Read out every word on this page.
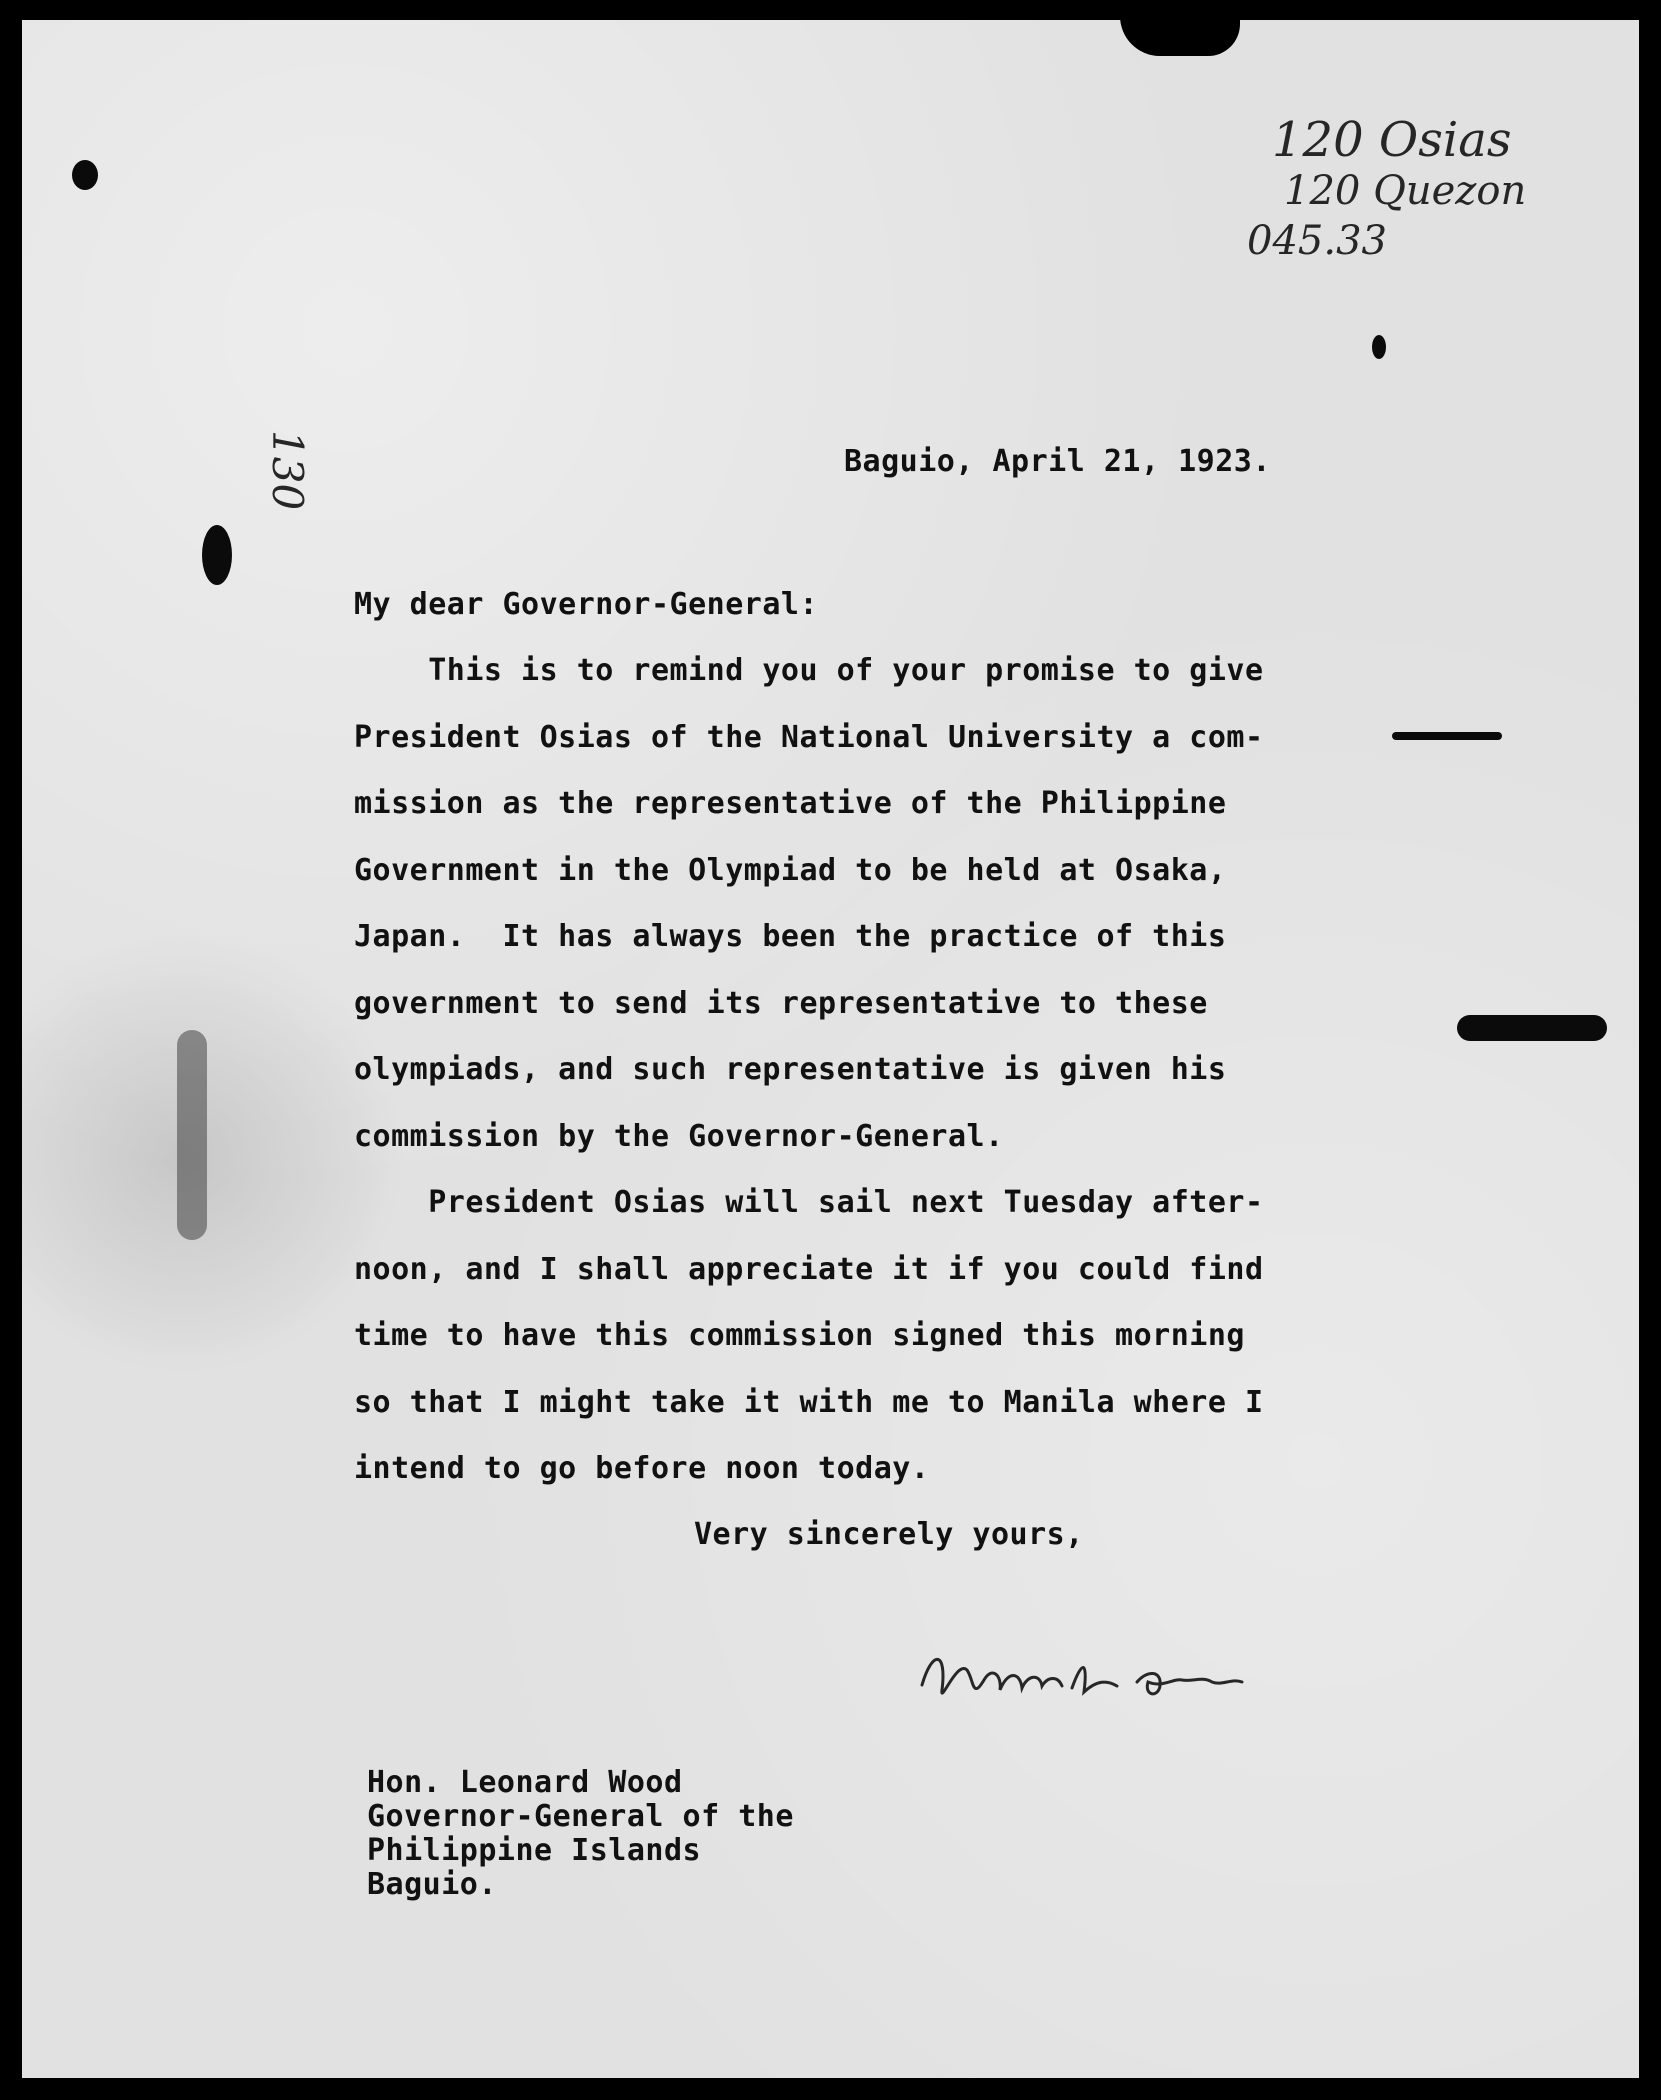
120 Osias
120 Quezon
045.33
130	Baguio, April 21, 1923.
My dear Governor-General:
This is to remind you of your promise to give
President Osias of the National University a com-
mission as the representative of the Philippine
Government in the Olympiad to be held at Osaka,
Japan.  It has always been the practice of this
government to send its representative to these
olympiads, and such representative is given his
commission by the Governor-General.
President Osias will sail next Tuesday after-
noon, and I shall appreciate it if you could find
time to have this commission signed this morning
so that I might take it with me to Manila where I
intend to go before noon today.
Very sincerely yours,
Hon. Leonard Wood
Governor-General of the
Philippine Islands
Baguio.
